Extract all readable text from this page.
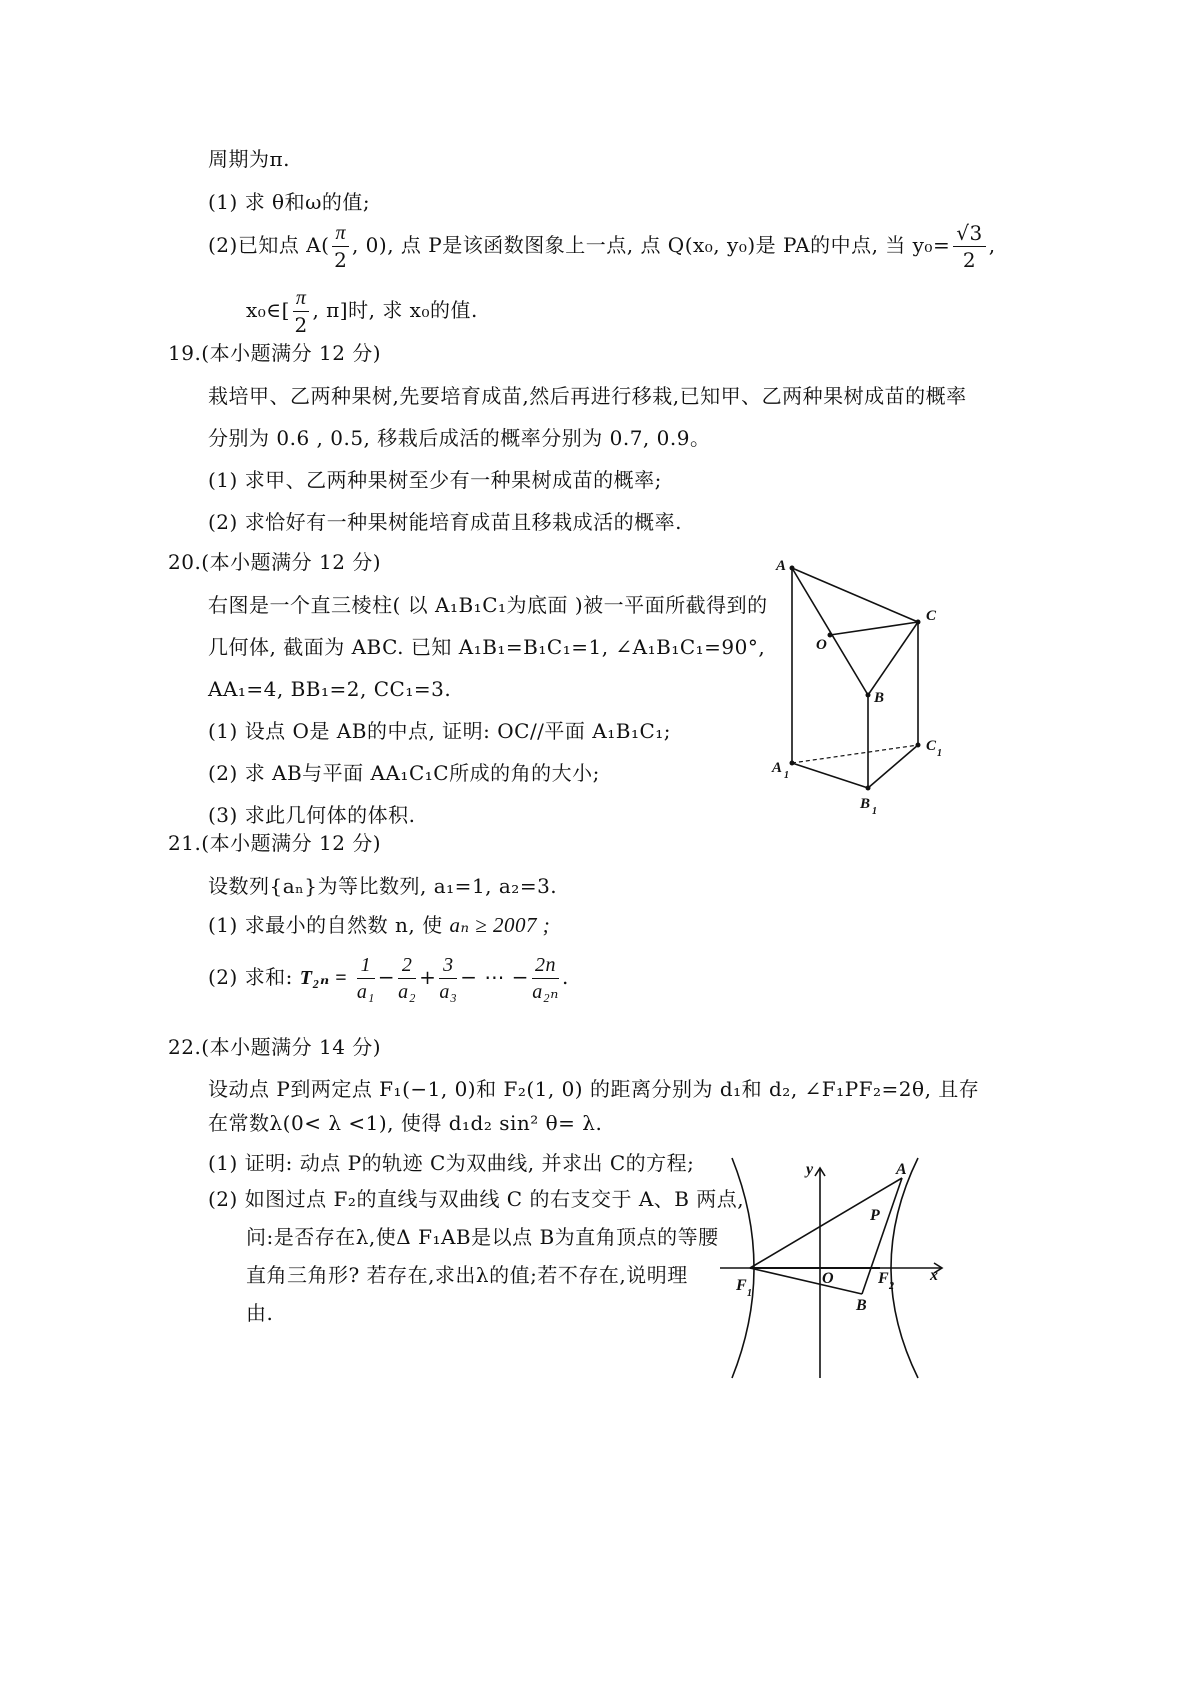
周期为π.
(1) 求 θ和ω的值;
(2)已知点 $A( \frac{\pi}{2}$ , 0), 点 P是该函数图象上一点, 点 Q(x₀, y₀)是 PA的中点, 当 $y_0= \frac{√3}{2}$ ,
x₀∈[ $\frac{\pi}{2}$ , π]时, 求 x₀的值.
19.(本小题满分 12 分)
栽培甲、乙两种果树,先要培育成苗,然后再进行移栽,已知甲、乙两种果树成苗的概率
分别为 0.6 , 0.5, 移栽后成活的概率分别为 0.7, 0.9。
(1) 求甲、乙两种果树至少有一种果树成苗的概率;
(2) 求恰好有一种果树能培育成苗且移栽成活的概率.
20.(本小题满分 12 分)
右图是一个直三棱柱( 以 A₁B₁C₁为底面 )被一平面所截得到的
几何体, 截面为 ABC. 已知 A₁B₁=B₁C₁=1, ∠A₁B₁C₁=90°,
AA₁=4, BB₁=2, CC₁=3.
(1) 设点 O是 AB的中点, 证明: OC//平面 A₁B₁C₁;
(2) 求 AB与平面 AA₁C₁C所成的角的大小;
(3) 求此几何体的体积.
A
C
O
B
A 1
B 1
C 1
21.(本小题满分 12 分)
设数列{aₙ}为等比数列, a₁=1, a₂=3.
(1) 求最小的自然数 n, 使 aₙ ≥ 2007 ;
(2) 求和: $T_{2n} = \frac{1}{\text{a₁}} - \frac{2}{\text{a₂}} + \frac{3}{\text{a₃}}$ − ⋯ − $\frac{2n}{\text{a₂ₙ}}$ .
22.(本小题满分 14 分)
设动点 P到两定点 F₁(−1, 0)和 F₂(1, 0) 的距离分别为 d₁和 d₂, ∠F₁PF₂=2θ, 且存
在常数λ(0< λ <1), 使得 d₁d₂ sin² θ= λ.
(1) 证明: 动点 P的轨迹 C为双曲线, 并求出 C的方程;
(2) 如图过点 F₂的直线与双曲线 C 的右支交于 A、B 两点,
问:是否存在λ,使Δ F₁AB是以点 B为直角顶点的等腰
直角三角形? 若存在,求出λ的值;若不存在,说明理
由.
y
x
A
P
O
F 1
F 2
B
